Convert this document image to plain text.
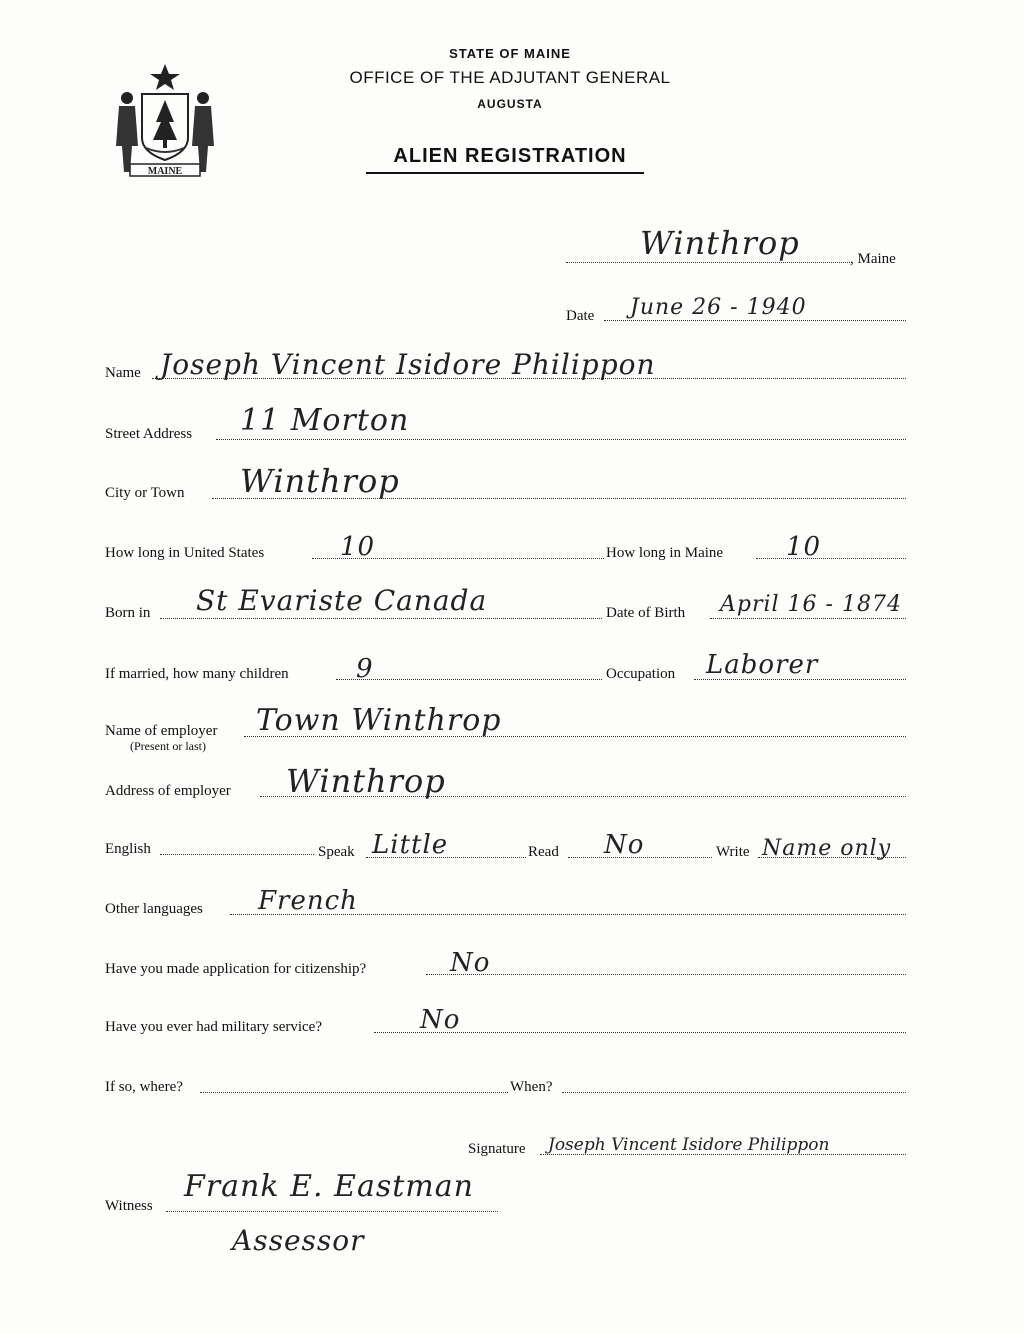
MAINE
STATE OF MAINE
OFFICE OF THE ADJUTANT GENERAL
AUGUSTA
ALIEN REGISTRATION
Winthrop	, Maine
Date June 26 - 1940
Name Joseph Vincent Isidore Philippon
Street Address 11 Morton
City or Town Winthrop
How long in United States	10	How long in Maine 10
Born in St Evariste Canada	Date of Birth April 16 - 1874
If married, how many children	9	Occupation Laborer
Name of employer
(Present or last)
Town Winthrop
Address of employer Winthrop
English	Speak Little	Read No	Write Name only
Other languages French
Have you made application for citizenship?	No
Have you ever had military service?	No
If so, where?	When?
Signature Joseph Vincent Isidore Philippon
Witness
Frank E. Eastman
Assessor
